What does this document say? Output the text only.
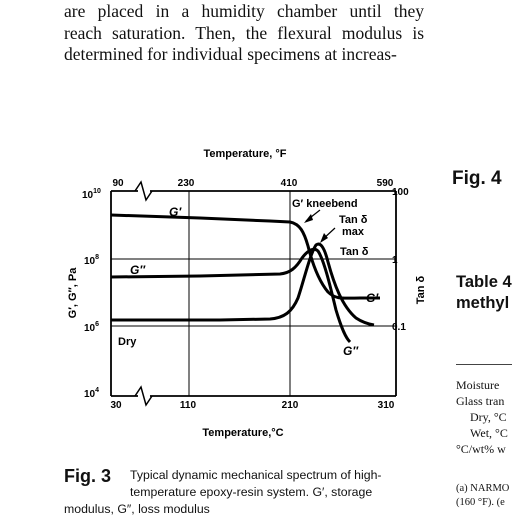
are placed in a humidity chamber until they
reach saturation. Then, the flexural modulus is
determined for individual specimens at increas-
90	230	410	590
Temperature, °F
30	110	210	310
Temperature,°C
$10^{10}$
$10^8$
$10^6$
$10^4$
G′, G″, Pa
100
1
0.1
Tan δ
G′ kneebend
Tan δ
max
Tan δ
Dry
G′
G″
G′
G″
Fig. 4
Table 4
methyl
Moisture
Glass tran
Dry, °C
Wet, °C
°C/wt% w
(a) NARMO
(160 °F). (e
Fig. 3 Typical dynamic mechanical spectrum of high-
temperature epoxy-resin system. G′, storage
modulus, G″, loss modulus
